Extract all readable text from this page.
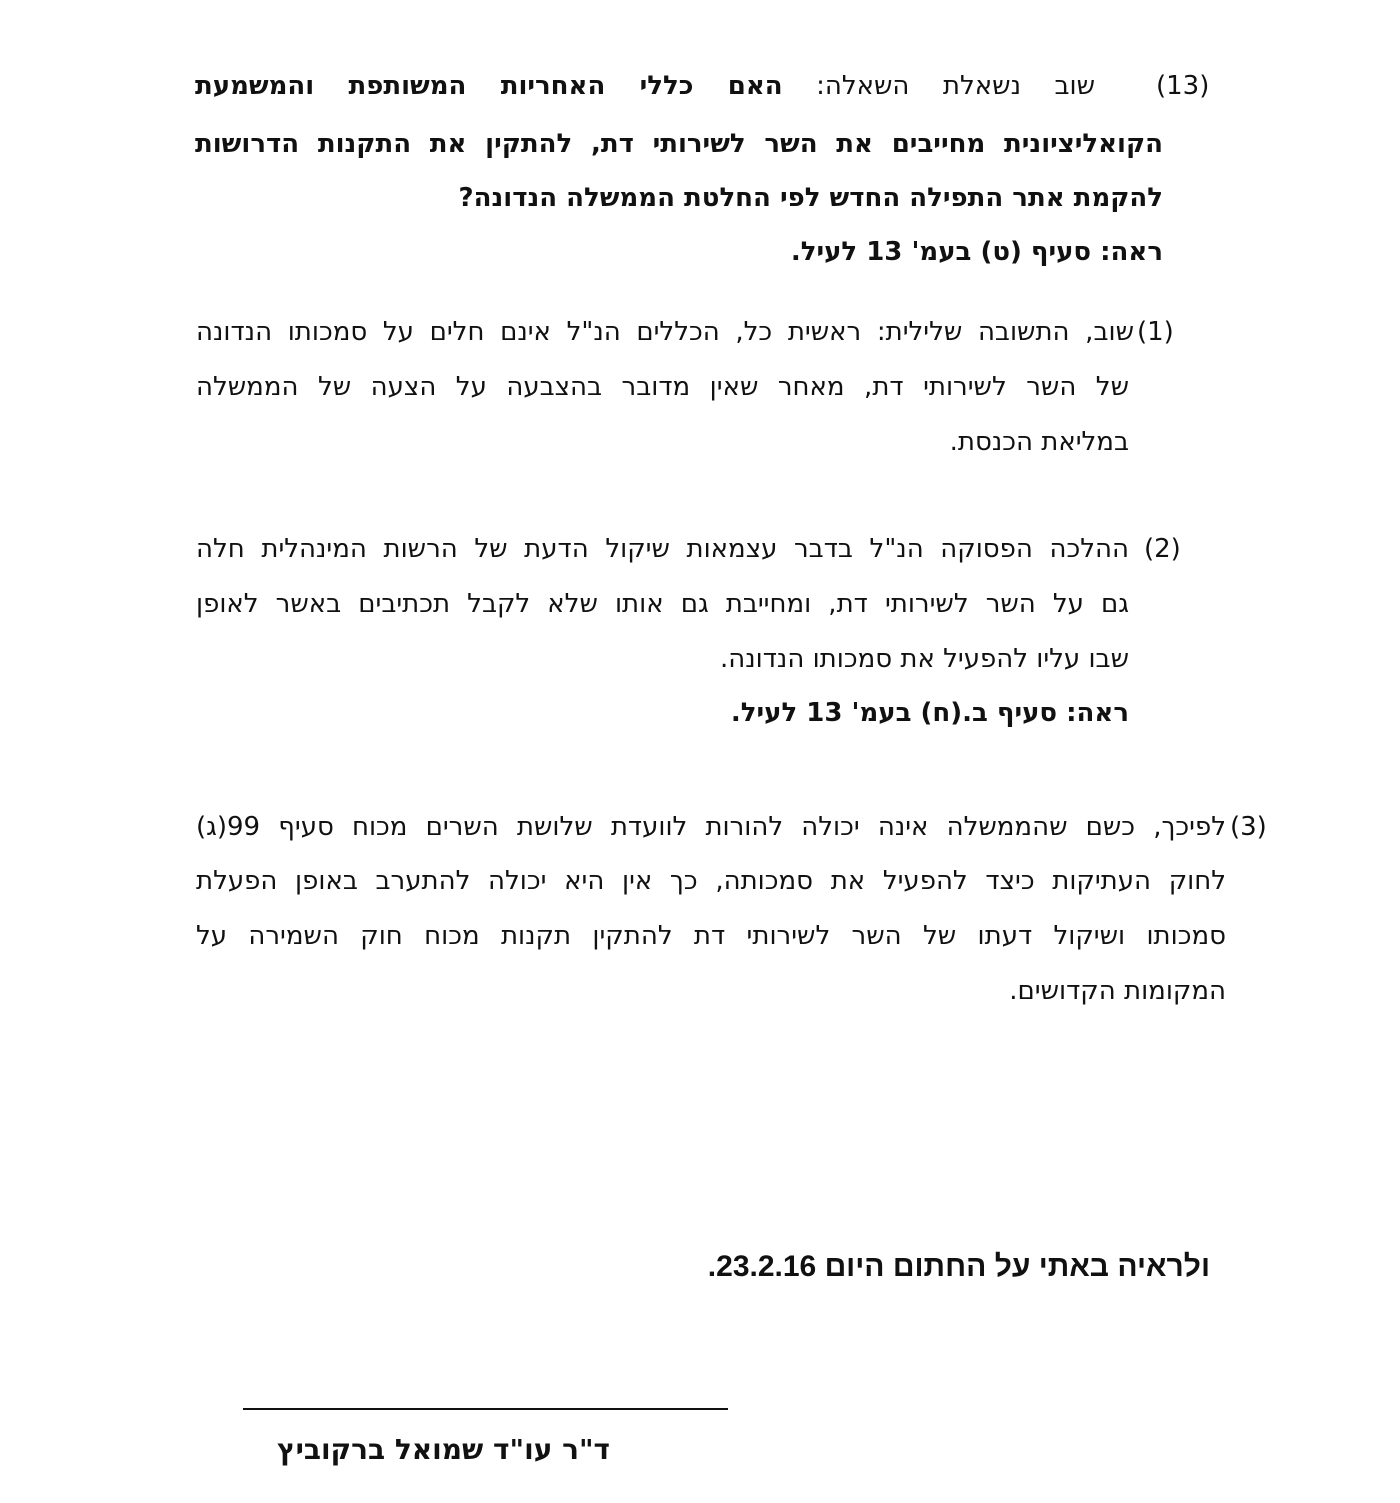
(13)
שוב נשאלת השאלה: האם כללי האחריות המשותפת והמשמעת
הקואליציונית מחייבים את השר לשירותי דת, להתקין את התקנות הדרושות
להקמת אתר התפילה החדש לפי החלטת הממשלה הנדונה?
ראה: סעיף (ט) בעמ' 13 לעיל.
(1)
שוב, התשובה שלילית: ראשית כל, הכללים הנ"ל אינם חלים על סמכותו הנדונה
של השר לשירותי דת, מאחר שאין מדובר בהצבעה על הצעה של הממשלה
במליאת הכנסת.
(2)
ההלכה הפסוקה הנ"ל בדבר עצמאות שיקול הדעת של הרשות המינהלית חלה
גם על השר לשירותי דת, ומחייבת גם אותו שלא לקבל תכתיבים באשר לאופן
שבו עליו להפעיל את סמכותו הנדונה.
ראה: סעיף ב.(ח) בעמ' 13 לעיל.
(3)
לפיכך, כשם שהממשלה אינה יכולה להורות לוועדת שלושת השרים מכוח סעיף 99(ג)
לחוק העתיקות כיצד להפעיל את סמכותה, כך אין היא יכולה להתערב באופן הפעלת
סמכותו ושיקול דעתו של השר לשירותי דת להתקין תקנות מכוח חוק השמירה על
המקומות הקדושים.
ולראיה באתי על החתום היום 23.2.16.
ד"ר עו"ד שמואל ברקוביץ
